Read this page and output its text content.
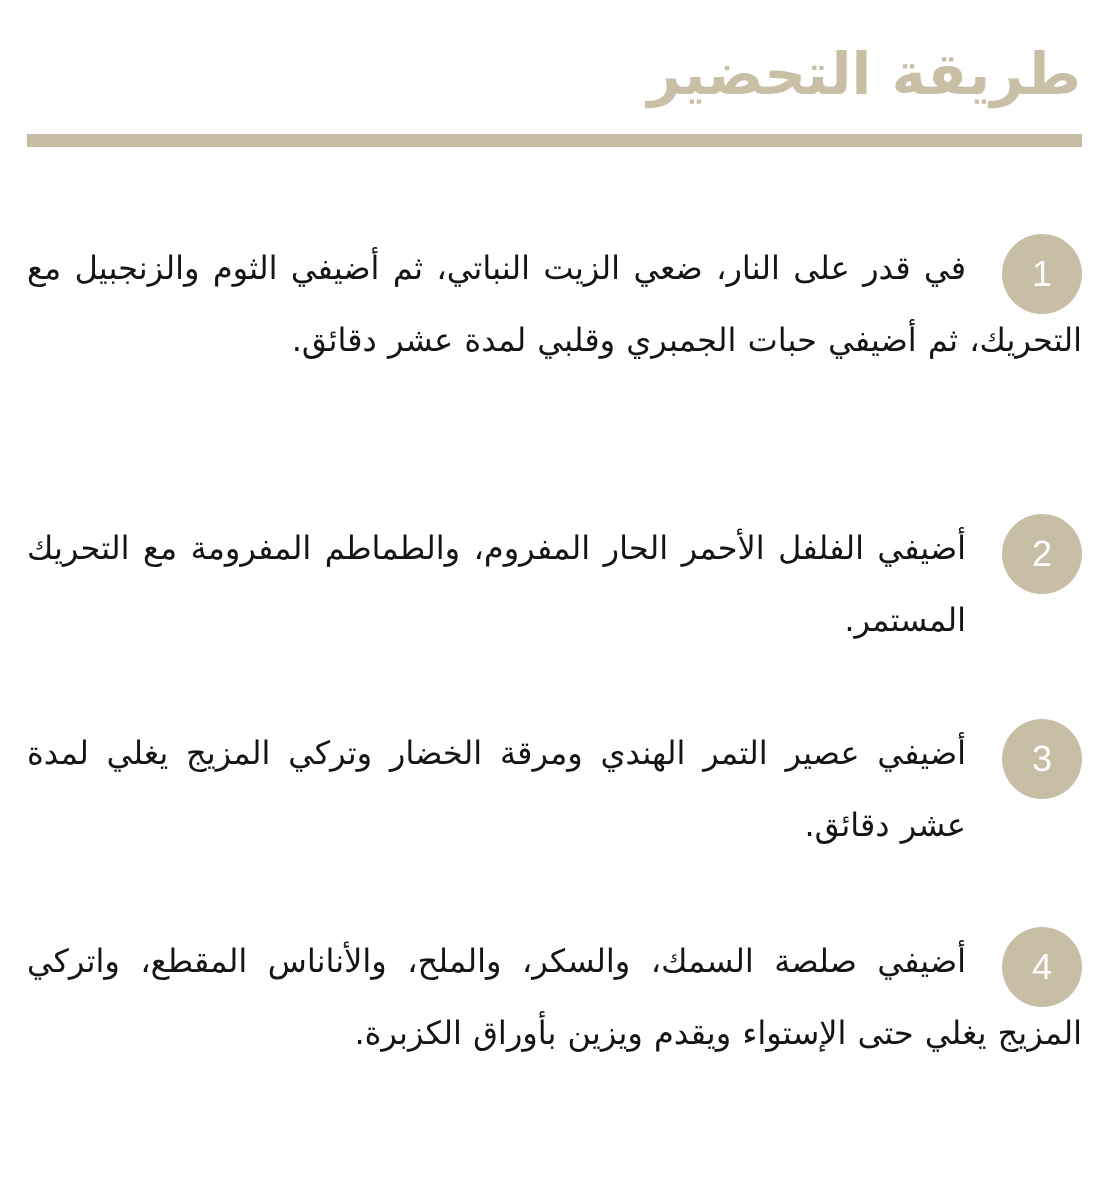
طريقة التحضير
1

في قدر على النار، ضعي الزيت النباتي، ثم أضيفي الثوم والزنجبيل مع التحريك، ثم أضيفي حبات الجمبري وقلبي لمدة عشر دقائق.

2

أضيفي الفلفل الأحمر الحار المفروم، والطماطم المفرومة مع التحريك المستمر.

3

أضيفي عصير التمر الهندي ومرقة الخضار وتركي المزيج يغلي لمدة عشر دقائق.

4

أضيفي صلصة السمك، والسكر، والملح، والأناناس المقطع، واتركي المزيج يغلي حتى الإستواء ويقدم ويزين بأوراق الكزبرة.
